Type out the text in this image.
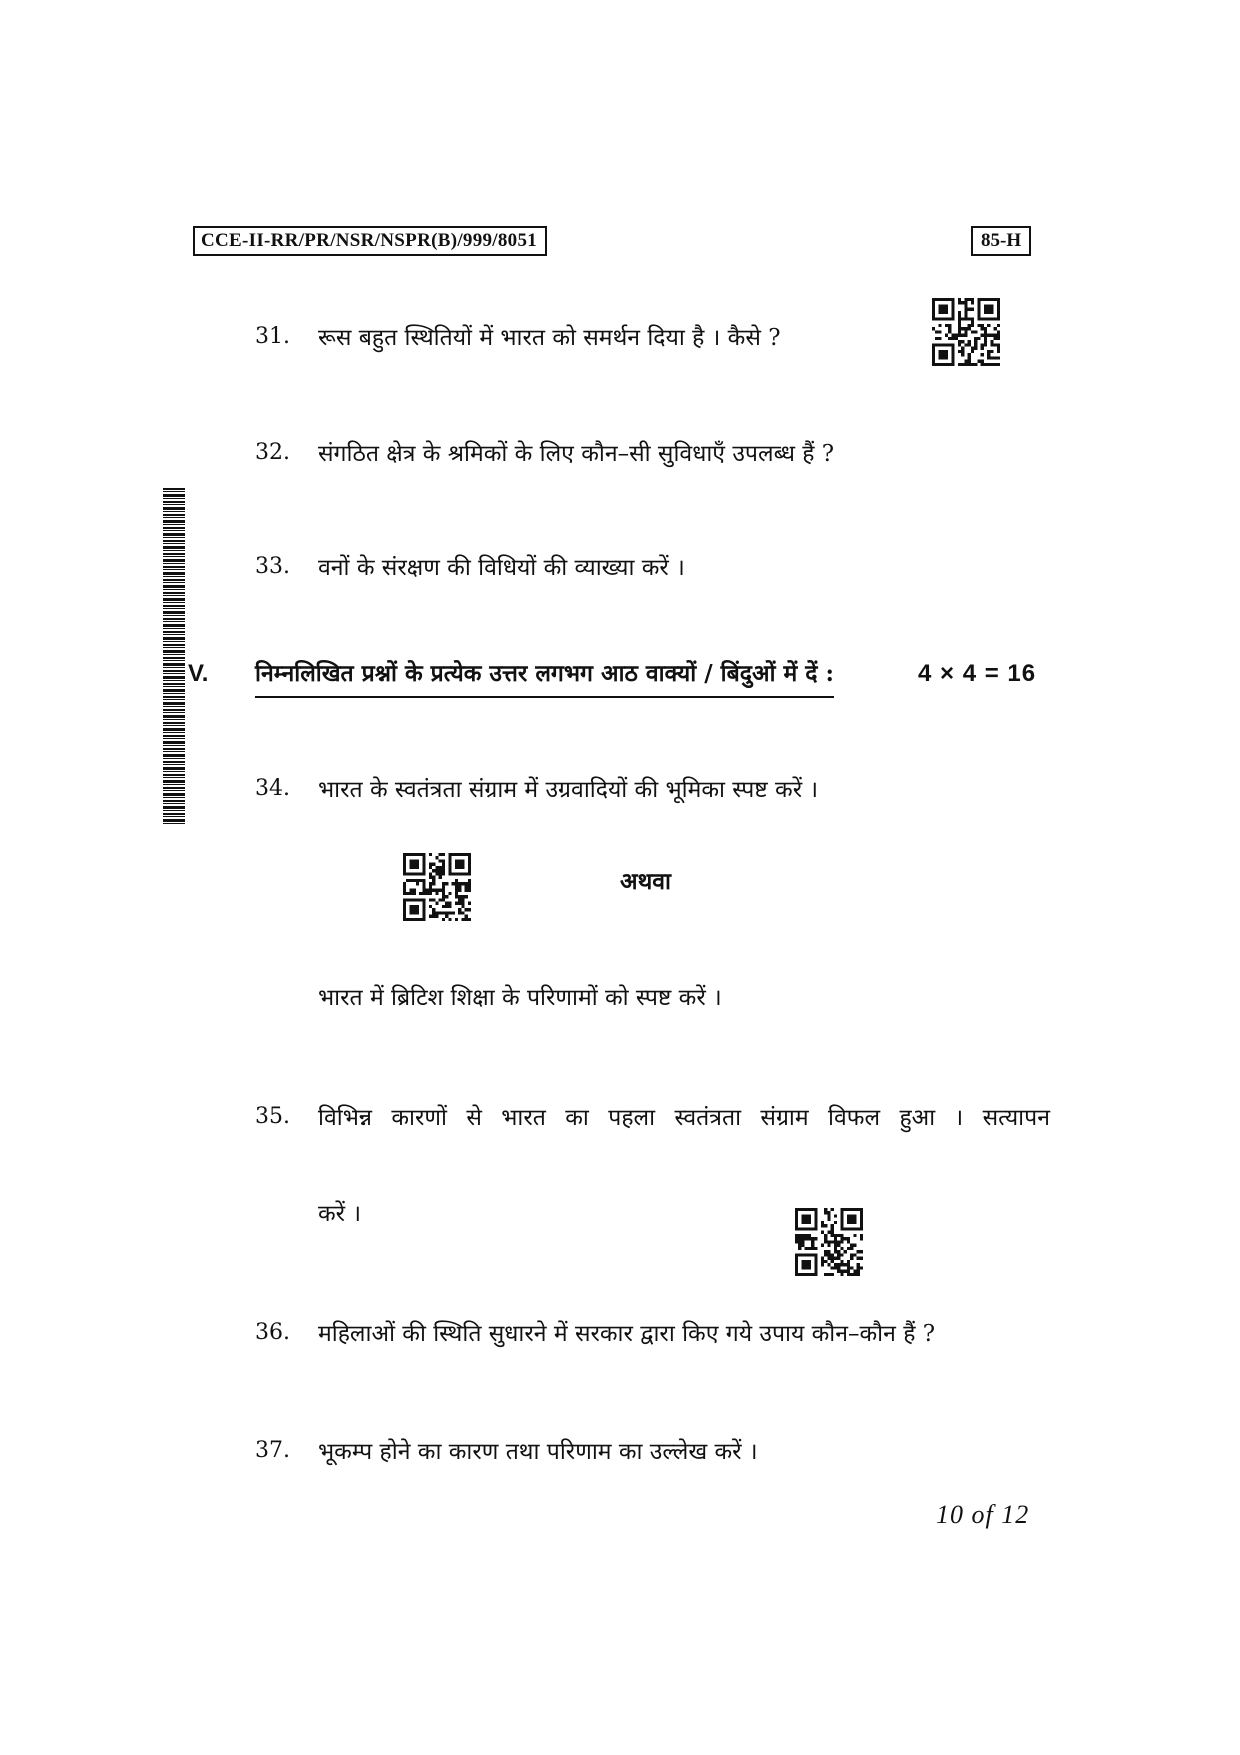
CCE-II-RR/PR/NSR/NSPR(B)/999/8051	85-H
31.	रूस बहुत स्थितियों में भारत को समर्थन दिया है । कैसे ?
32.	संगठित क्षेत्र के श्रमिकों के लिए कौन–सी सुविधाएँ उपलब्ध हैं ?
33.	वनों के संरक्षण की विधियों की व्याख्या करें ।
V. निम्नलिखित प्रश्नों के प्रत्येक उत्तर लगभग आठ वाक्यों / बिंदुओं में दें :	4 × 4 = 16
34.	भारत के स्वतंत्रता संग्राम में उग्रवादियों की भूमिका स्पष्ट करें ।
अथवा
भारत में ब्रिटिश शिक्षा के परिणामों को स्पष्ट करें ।
35.	विभिन्न कारणों से भारत का पहला स्वतंत्रता संग्राम विफल हुआ । सत्यापन
करें ।
36.	महिलाओं की स्थिति सुधारने में सरकार द्वारा किए गये उपाय कौन–कौन हैं ?
37.	भूकम्प होने का कारण तथा परिणाम का उल्लेख करें ।
10 of 12
